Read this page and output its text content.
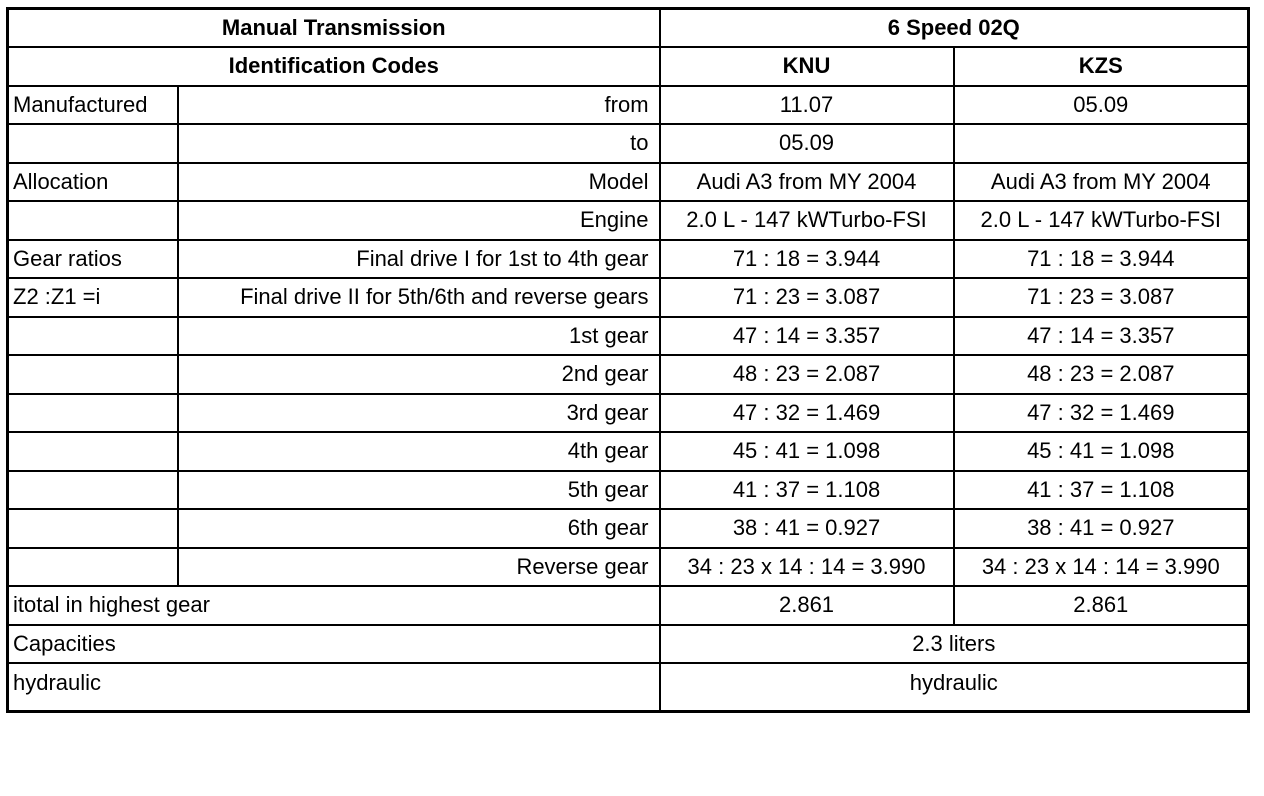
Manual Transmission		6 Speed 02Q	
Identification Codes		KNU	KZS
Manufactured	from	11.07	05.09
	to	05.09	
Allocation	Model	Audi A3 from MY 2004	Audi A3 from MY 2004
	Engine	2.0 L - 147 kWTurbo-FSI	2.0 L - 147 kWTurbo-FSI
Gear ratios	Final drive I for 1st to 4th gear	71 : 18 = 3.944	71 : 18 = 3.944
Z2 :Z1 =i	Final drive II for 5th/6th and reverse gears	71 : 23 = 3.087	71 : 23 = 3.087
	1st gear	47 : 14 = 3.357	47 : 14 = 3.357
	2nd gear	48 : 23 = 2.087	48 : 23 = 2.087
	3rd gear	47 : 32 = 1.469	47 : 32 = 1.469
	4th gear	45 : 41 = 1.098	45 : 41 = 1.098
	5th gear	41 : 37 = 1.108	41 : 37 = 1.108
	6th gear	38 : 41 = 0.927	38 : 41 = 0.927
	Reverse gear	34 : 23 x 14 : 14 = 3.990	34 : 23 x 14 : 14 = 3.990
itotal in highest gear		2.861	2.861
Capacities		2.3 liters	
hydraulic		hydraulic	
